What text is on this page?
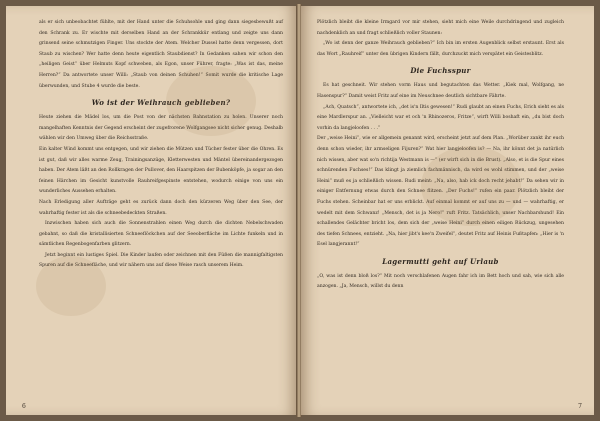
als er sich unbeobachtet fühlte, mit der Hand unter die Schuhsohle und ging dann siegesbewußt auf den Schrank zu. Er wischte mit derselben Hand an der Schrankkür entlang und zeigte uns dann grinsend seine schmutzigen Finger. Uns stockte der Atem. Welcher Dussel hatte denn vergessen, dort Staub zu wischen? Wer hatte denn heute eigentlich Staubdienst? In Gedanken sahen wir schon den „heiligen Geist“ über Helmuts Kopf schweben, als Egon, unser Führer, fragte: „Was ist das, meine Herren?“ Da antwortete unser Willi: „Staub von deinen Schuhen!“ Somit wurde die kritische Lage überwunden, und Stube 4 wurde die beste.

Wo ist der Weihrauch geblieben?

Heute ziehen die Mädel los, um die Post von der nächsten Bahnstation zu holen. Unserer noch mangelhaften Kenntnis der Gegend erscheint der zugefrorene Wolfgangsee nicht sicher genug. Deshalb wählen wir den Umweg über die Reichsstraße.

Ein kalter Wind kommt uns entgegen, und wir ziehen die Mützen und Tücher fester über die Ohren. Es ist gut, daß wir alles warme Zeug, Trainingsanzüge, Kletterwesten und Mäntel übereinandergezogen haben. Der Atem läßt an den Rollkragen der Pullover, den Haarspitzen der Bubenköpfe, ja sogar an den feinen Härchen im Gesicht kunstvolle Rauhreifgespinste entstehen, wodurch einige von uns ein wunderliches Aussehen erhalten.

Nach Erledigung aller Aufträge geht es zurück dann doch den kürzeren Weg über den See, der wahrhaftig fester ist als die schneebedeckten Straßen.

Inzwischen haben sich auch die Sonnenstrahlen einen Weg durch die dichten Nebelschwaden gebahnt, so daß die kristallisierten Schneeflöckchen auf der Seeoberfläche im Lichte funkeln und in sämtlichen Regenbogenfarben glitzern.

Jetzt beginnt ein lustiges Spiel. Die Kinder laufen oder zeichnen mit den Füßen die mannigfaltigsten Spuren auf die Schneefläche, und wir nähern uns auf diese Weise rasch unserem Heim.

6

Plötzlich bleibt die kleine Irmgard vor mir stehen, sieht mich eine Weile durchdringend und zugleich nachdenklich an und fragt schließlich voller Staunen:

„Wo ist denn der ganze Weihrauch geblieben?“ Ich bin im ersten Augenblick selbst erstaunt. Erst als das Wort „Rauhreif“ unter den übrigen Kindern fällt, durchzuckt mich verspätet ein Geistesblitz.

Die Fuchsspur

Es hat geschneit. Wir stehen vorm Haus und begutachten das Wetter. „Kiek mal, Wolfgang, ne Hasenspur?“ Damit weist Fritz auf eine im Neuschnee deutlich sichtbare Fährte.

„Ach, Quatsch“, antwortete ich, „det is'n Iltis gewesen!“ Rudi glaubt an einen Fuchs, Erich sieht es als eine Mardlerspur an. „Vielleicht war et och 'n Rhinozeros, Fritze“, wirft Willi boshaft ein, „du bist doch vorhin da langjeloofen . . .“

Der „weise Heini“, wie er allgemein genannt wird, erscheint jetzt auf dem Plan. „Worüber zankt ihr euch denn schon wieder, ihr armseligen Fijuren?“ Wat hier langjeloofen is? — Na, ihr könnt det ja natürlich nich wissen, aber wat so'n richtija Westmann is —“ (er wirft sich in die Brust). „Also, et is die Spur eines schnürenden Fuchses!“ Das klingt ja ziemlich fachmännisch, da wird es wohl stimmen, und der „weise Heini“ muß es ja schließlich wissen. Rudi meint: „Na, also, hab ick doch recht jehabt!“ Da sehen wir in einiger Entfernung etwas durch den Schnee flitzen. „Der Fuchs!“ rufen ein paar. Plötzlich bleibt der Fuchs stehen. Scheinbar hat er uns erblickt. Auf einmal kommt er auf uns zu — und — wahrhaftig, er wedelt mit dem Schwanz! „Mensch, det is ja Nero!“ ruft Fritz. Tatsächlich, unser Nachbarshund! Ein schallendes Gelächter bricht los, dem sich der „weise Heini“ durch einen eiligen Rückzug, ungesehen des tiefen Schnees, entzieht. „Na, hier jibt's kee'n Zweifel“, deutet Fritz auf Heinis Fußtapfen: „Hier is 'n Esel langjerannt!“

Lagermutti geht auf Urlaub

„O, was ist denn bloß los?“ Mit noch verschlafenen Augen fahr ich im Bett hoch und sah, wie sich alle anzogen. „Ja, Mensch, willst du denn

7
